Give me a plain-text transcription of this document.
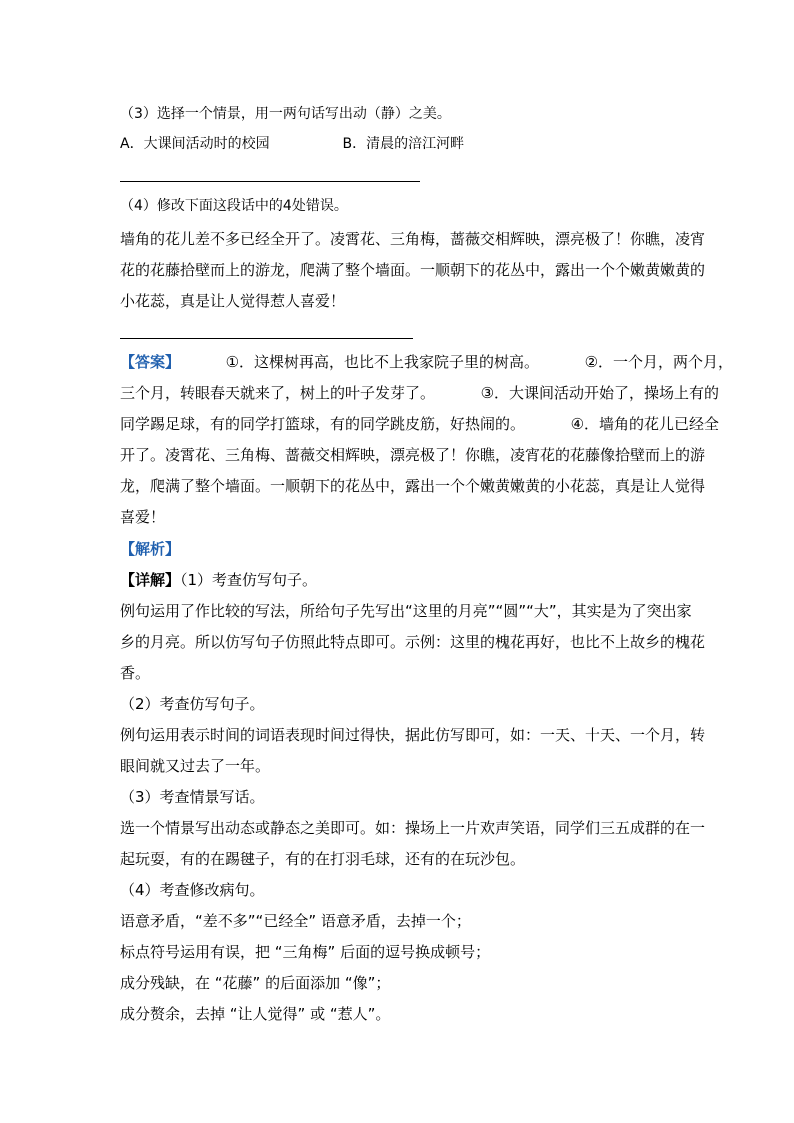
（3）选择一个情景，用一两句话写出动（静）之美。
A．大课间活动时的校园	B．清晨的涪江河畔
（4）修改下面这段话中的4处错误。
墙角的花儿差不多已经全开了。凌霄花、三角梅，蔷薇交相辉映，漂亮极了！你瞧，凌宵
花的花藤拾壁而上的游龙，爬满了整个墙面。一顺朝下的花丛中，露出一个个嫩黄嫩黄的
小花蕊，真是让人觉得惹人喜爱！
【答案】	①．这棵树再高，也比不上我家院子里的树高。	②．一个月，两个月，
三个月，转眼春天就来了，树上的叶子发芽了。	③．大课间活动开始了，操场上有的
同学踢足球，有的同学打篮球，有的同学跳皮筋，好热闹的。	④．墙角的花儿已经全
开了。凌霄花、三角梅、蔷薇交相辉映，漂亮极了！你瞧，凌宵花的花藤像拾壁而上的游
龙，爬满了整个墙面。一顺朝下的花丛中，露出一个个嫩黄嫩黄的小花蕊，真是让人觉得
喜爱！
【解析】
【详解】（1）考查仿写句子。
例句运用了作比较的写法，所给句子先写出“这里的月亮”“圆”“大”，其实是为了突出家
乡的月亮。所以仿写句子仿照此特点即可。示例：这里的槐花再好，也比不上故乡的槐花
香。
（2）考查仿写句子。
例句运用表示时间的词语表现时间过得快，据此仿写即可，如：一天、十天、一个月，转
眼间就又过去了一年。
（3）考查情景写话。
选一个情景写出动态或静态之美即可。如：操场上一片欢声笑语，同学们三五成群的在一
起玩耍，有的在踢毽子，有的在打羽毛球，还有的在玩沙包。
（4）考查修改病句。
语意矛盾，“差不多”“已经全” 语意矛盾，去掉一个；
标点符号运用有误，把 “三角梅” 后面的逗号换成顿号；
成分残缺，在 “花藤” 的后面添加 “像”；
成分赘余，去掉 “让人觉得” 或 “惹人”。
